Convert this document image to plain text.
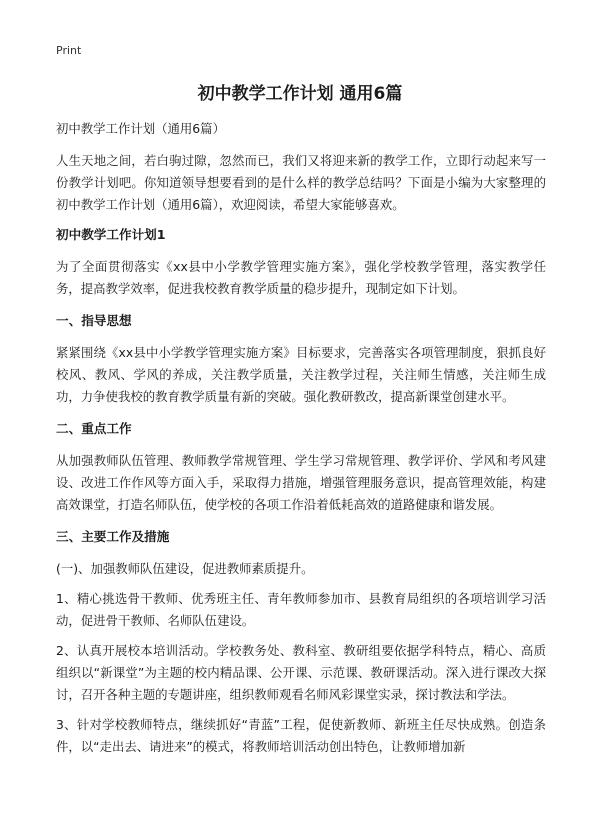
Print
初中教学工作计划 通用6篇

初中教学工作计划（通用6篇）

人生天地之间，若白驹过隙，忽然而已，我们又将迎来新的教学工作，立即行动起来写一份教学计划吧。你知道领导想要看到的是什么样的教学总结吗？下面是小编为大家整理的初中教学工作计划（通用6篇），欢迎阅读，希望大家能够喜欢。

初中教学工作计划1

为了全面贯彻落实《xx县中小学教学管理实施方案》，强化学校教学管理，落实教学任务，提高教学效率，促进我校教育教学质量的稳步提升，现制定如下计划。

一、指导思想

紧紧围绕《xx县中小学教学管理实施方案》目标要求，完善落实各项管理制度，狠抓良好校风、教风、学风的养成，关注教学质量，关注教学过程，关注师生情感，关注师生成功，力争使我校的教育教学质量有新的突破。强化教研教改，提高新课堂创建水平。

二、重点工作

从加强教师队伍管理、教师教学常规管理、学生学习常规管理、教学评价、学风和考风建设、改进工作作风等方面入手，采取得力措施，增强管理服务意识，提高管理效能，构建高效课堂，打造名师队伍，使学校的各项工作沿着低耗高效的道路健康和谐发展。

三、主要工作及措施

(一)、加强教师队伍建设，促进教师素质提升。

1、精心挑选骨干教师、优秀班主任、青年教师参加市、县教育局组织的各项培训学习活动，促进骨干教师、名师队伍建设。

2、认真开展校本培训活动。学校教务处、教科室、教研组要依据学科特点，精心、高质组织以“新课堂”为主题的校内精品课、公开课、示范课、教研课活动。深入进行课改大探讨，召开各种主题的专题讲座，组织教师观看名师风彩课堂实录，探讨教法和学法。

3、针对学校教师特点，继续抓好“青蓝”工程，促使新教师、新班主任尽快成熟。创造条件，以“走出去、请进来”的模式，将教师培训活动创出特色，让教师增加新
